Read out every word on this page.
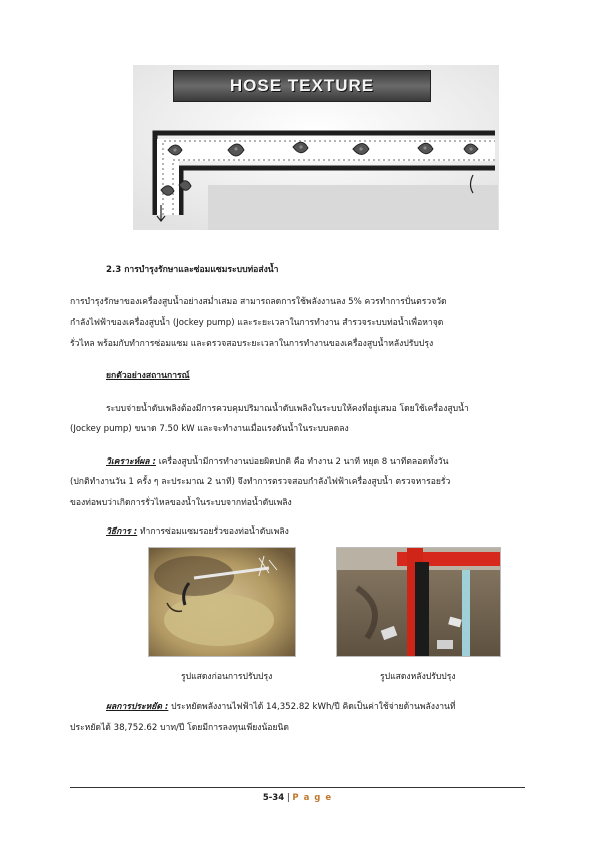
HOSE TEXTURE
2.3 การบำรุงรักษาและซ่อมแซมระบบท่อส่งน้ำ
การบำรุงรักษาของเครื่องสูบน้ำอย่างสม่ำเสมอ สามารถลดการใช้พลังงานลง 5% ควรทำการปั่นตรวจวัด
กำลังไฟฟ้าของเครื่องสูบน้ำ (Jockey pump) และระยะเวลาในการทำงาน สำรวจระบบท่อน้ำเพื่อหาจุด
รั่วไหล พร้อมกับทำการซ่อมแซม และตรวจสอบระยะเวลาในการทำงานของเครื่องสูบน้ำหลังปรับปรุง
ยกตัวอย่างสถานการณ์
ระบบจ่ายน้ำดับเพลิงต้องมีการควบคุมปริมาณน้ำดับเพลิงในระบบให้คงที่อยู่เสมอ โดยใช้เครื่องสูบน้ำ
(Jockey pump) ขนาด 7.50 kW และจะทำงานเมื่อแรงดันน้ำในระบบลดลง
วิเคราะห์ผล : เครื่องสูบน้ำมีการทำงานบ่อยผิดปกติ คือ ทำงาน 2 นาที หยุด 8 นาทีตลอดทั้งวัน
(ปกติทำงานวัน 1 ครั้ง ๆ ละประมาณ 2 นาที) จึงทำการตรวจสอบกำลังไฟฟ้าเครื่องสูบน้ำ ตรวจหารอยรั่ว
ของท่อพบว่าเกิดการรั่วไหลของน้ำในระบบจากท่อน้ำดับเพลิง
วิธีการ : ทำการซ่อมแซมรอยรั่วของท่อน้ำดับเพลิง
รูปแสดงก่อนการปรับปรุง	รูปแสดงหลังปรับปรุง
ผลการประหยัด : ประหยัดพลังงานไฟฟ้าได้ 14,352.82 kWh/ปี คิดเป็นค่าใช้จ่ายด้านพลังงานที่
ประหยัดได้ 38,752.62 บาท/ปี โดยมีการลงทุนเพียงน้อยนิด
5-34 | P a g e
